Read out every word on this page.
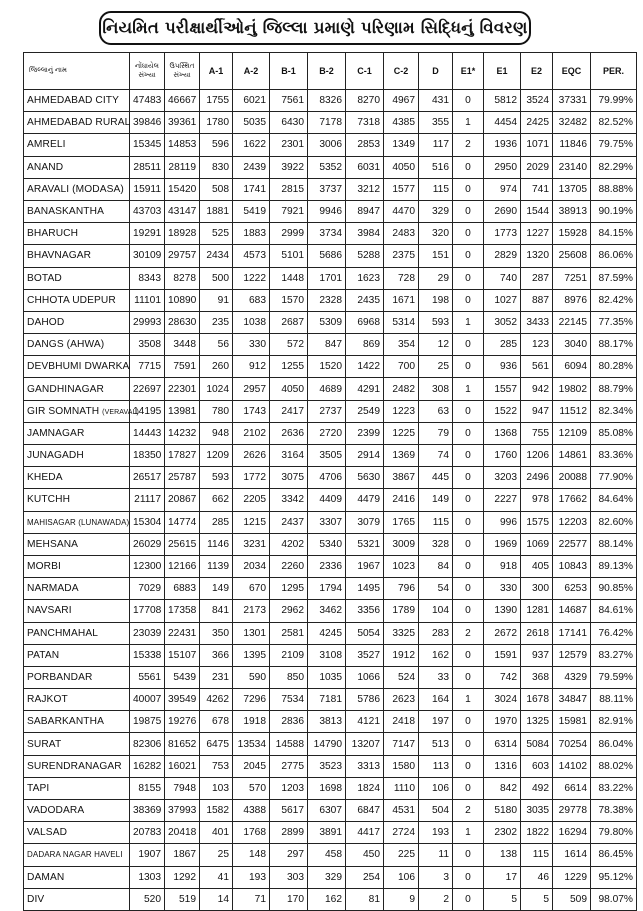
નિયમિત પરીક્ષાર્થીઓનું જિલ્લા પ્રમાણે પરિણામ સિદ્ધિનું વિવરણ
જિલ્લાનું નામ	નોંધાયેલ સંખ્યા	ઉપસ્થિત સંખ્યા	A-1	A-2	B-1	B-2	C-1	C-2	D	E1*	E1	E2	EQC	PER.
AHMEDABAD CITY	47483	46667	1755	6021	7561	8326	8270	4967	431	0	5812	3524	37331	79.99%
AHMEDABAD RURAL	39846	39361	1780	5035	6430	7178	7318	4385	355	1	4454	2425	32482	82.52%
AMRELI	15345	14853	596	1622	2301	3006	2853	1349	117	2	1936	1071	11846	79.75%
ANAND	28511	28119	830	2439	3922	5352	6031	4050	516	0	2950	2029	23140	82.29%
ARAVALI (MODASA)	15911	15420	508	1741	2815	3737	3212	1577	115	0	974	741	13705	88.88%
BANASKANTHA	43703	43147	1881	5419	7921	9946	8947	4470	329	0	2690	1544	38913	90.19%
BHARUCH	19291	18928	525	1883	2999	3734	3984	2483	320	0	1773	1227	15928	84.15%
BHAVNAGAR	30109	29757	2434	4573	5101	5686	5288	2375	151	0	2829	1320	25608	86.06%
BOTAD	8343	8278	500	1222	1448	1701	1623	728	29	0	740	287	7251	87.59%
CHHOTA UDEPUR	11101	10890	91	683	1570	2328	2435	1671	198	0	1027	887	8976	82.42%
DAHOD	29993	28630	235	1038	2687	5309	6968	5314	593	1	3052	3433	22145	77.35%
DANGS (AHWA)	3508	3448	56	330	572	847	869	354	12	0	285	123	3040	88.17%
DEVBHUMI DWARKA	7715	7591	260	912	1255	1520	1422	700	25	0	936	561	6094	80.28%
GANDHINAGAR	22697	22301	1024	2957	4050	4689	4291	2482	308	1	1557	942	19802	88.79%
GIR SOMNATH (VERAVAL)	14195	13981	780	1743	2417	2737	2549	1223	63	0	1522	947	11512	82.34%
JAMNAGAR	14443	14232	948	2102	2636	2720	2399	1225	79	0	1368	755	12109	85.08%
JUNAGADH	18350	17827	1209	2626	3164	3505	2914	1369	74	0	1760	1206	14861	83.36%
KHEDA	26517	25787	593	1772	3075	4706	5630	3867	445	0	3203	2496	20088	77.90%
KUTCHH	21117	20867	662	2205	3342	4409	4479	2416	149	0	2227	978	17662	84.64%
MAHISAGAR (LUNAWADA)	15304	14774	285	1215	2437	3307	3079	1765	115	0	996	1575	12203	82.60%
MEHSANA	26029	25615	1146	3231	4202	5340	5321	3009	328	0	1969	1069	22577	88.14%
MORBI	12300	12166	1139	2034	2260	2336	1967	1023	84	0	918	405	10843	89.13%
NARMADA	7029	6883	149	670	1295	1794	1495	796	54	0	330	300	6253	90.85%
NAVSARI	17708	17358	841	2173	2962	3462	3356	1789	104	0	1390	1281	14687	84.61%
PANCHMAHAL	23039	22431	350	1301	2581	4245	5054	3325	283	2	2672	2618	17141	76.42%
PATAN	15338	15107	366	1395	2109	3108	3527	1912	162	0	1591	937	12579	83.27%
PORBANDAR	5561	5439	231	590	850	1035	1066	524	33	0	742	368	4329	79.59%
RAJKOT	40007	39549	4262	7296	7534	7181	5786	2623	164	1	3024	1678	34847	88.11%
SABARKANTHA	19875	19276	678	1918	2836	3813	4121	2418	197	0	1970	1325	15981	82.91%
SURAT	82306	81652	6475	13534	14588	14790	13207	7147	513	0	6314	5084	70254	86.04%
SURENDRANAGAR	16282	16021	753	2045	2775	3523	3313	1580	113	0	1316	603	14102	88.02%
TAPI	8155	7948	103	570	1203	1698	1824	1110	106	0	842	492	6614	83.22%
VADODARA	38369	37993	1582	4388	5617	6307	6847	4531	504	2	5180	3035	29778	78.38%
VALSAD	20783	20418	401	1768	2899	3891	4417	2724	193	1	2302	1822	16294	79.80%
DADARA NAGAR HAVELI	1907	1867	25	148	297	458	450	225	11	0	138	115	1614	86.45%
DAMAN	1303	1292	41	193	303	329	254	106	3	0	17	46	1229	95.12%
DIV	520	519	14	71	170	162	81	9	2	0	5	5	509	98.07%
